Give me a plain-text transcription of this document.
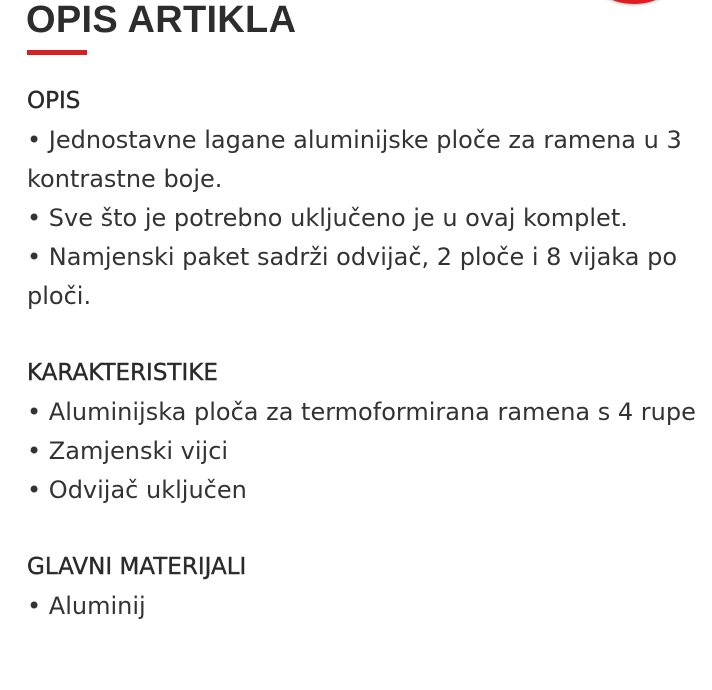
OPIS ARTIKLA
OPIS
• Jednostavne lagane aluminijske ploče za ramena u 3 kontrastne boje.
• Sve što je potrebno uključeno je u ovaj komplet.
• Namjenski paket sadrži odvijač, 2 ploče i 8 vijaka po ploči.
KARAKTERISTIKE
• Aluminijska ploča za termoformirana ramena s 4 rupe
• Zamjenski vijci
• Odvijač uključen
GLAVNI MATERIJALI
• Aluminij
